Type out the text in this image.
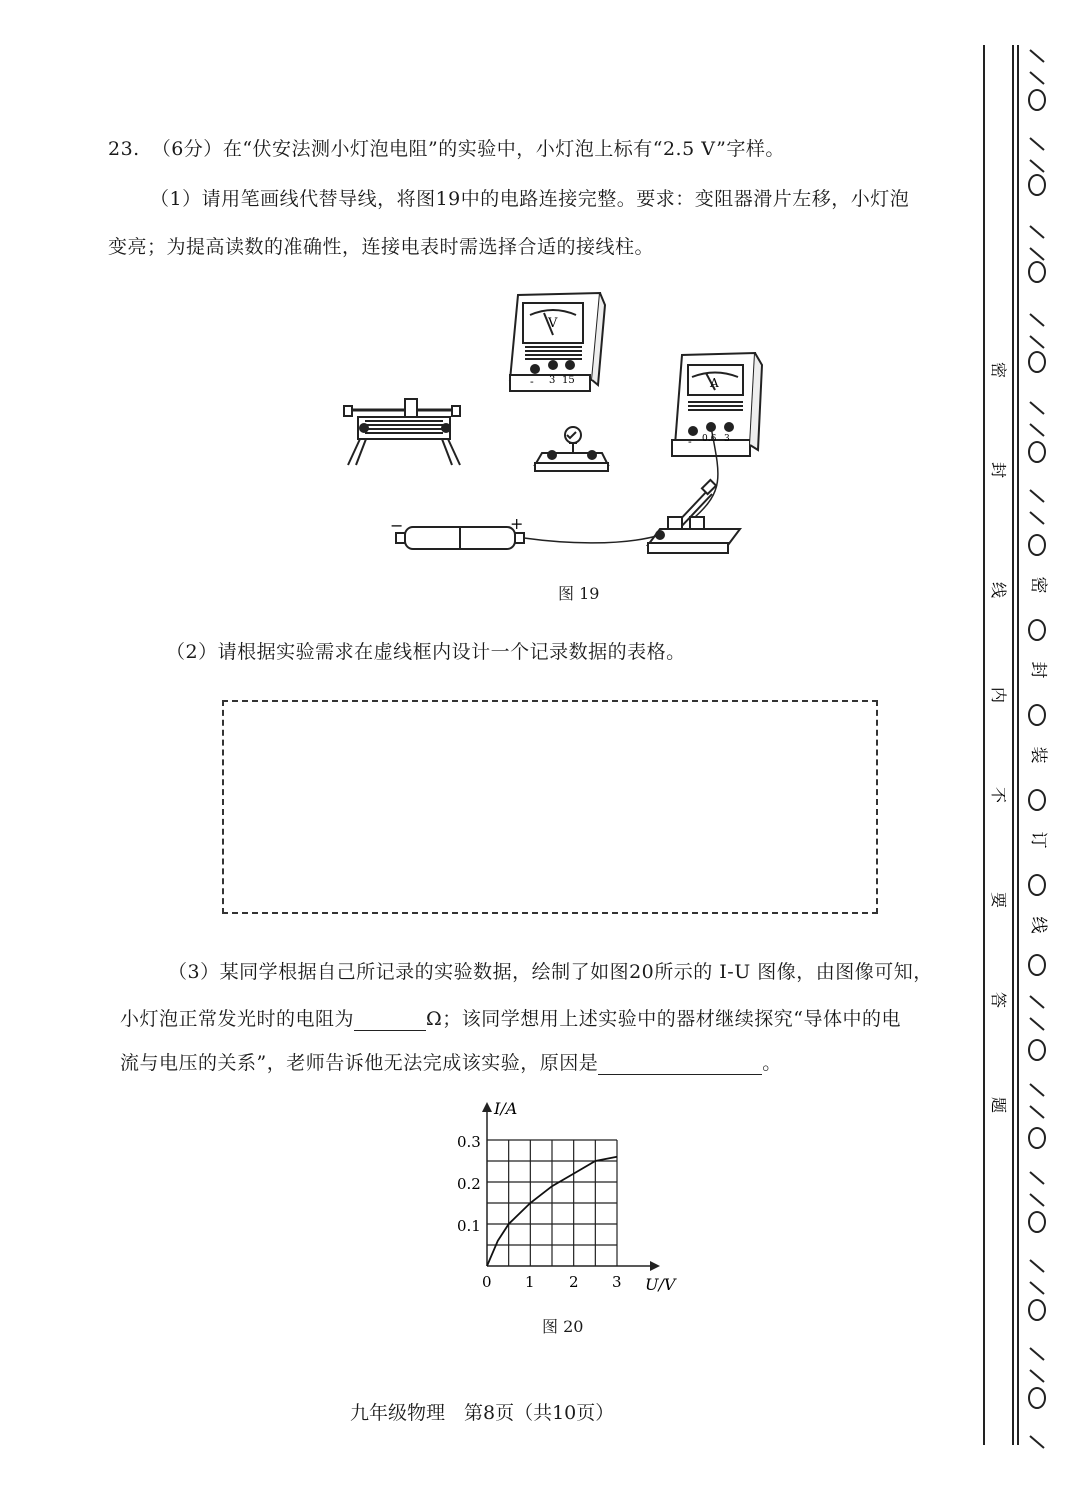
23. （6分）在“伏安法测小灯泡电阻”的实验中，小灯泡上标有“2.5 V”字样。
（1）请用笔画线代替导线，将图19中的电路连接完整。要求：变阻器滑片左移，小灯泡
变亮；为提高读数的准确性，连接电表时需选择合适的接线柱。
V
- 3 15	A
- 0.6 3
−	+
图 19
（2）请根据实验需求在虚线框内设计一个记录数据的表格。
（3）某同学根据自己所记录的实验数据，绘制了如图20所示的 I-U 图像，由图像可知，
小灯泡正常发光时的电阻为	Ω；该同学想用上述实验中的器材继续探究“导体中的电
流与电压的关系”，老师告诉他无法完成该实验，原因是	。
I/A
U/V
0 1 2 3
0.1
0.2
0.3
图 20
九年级物理　第8页（共10页）
密
封
线
内
不
要
答
题
密
封
装
订
线
